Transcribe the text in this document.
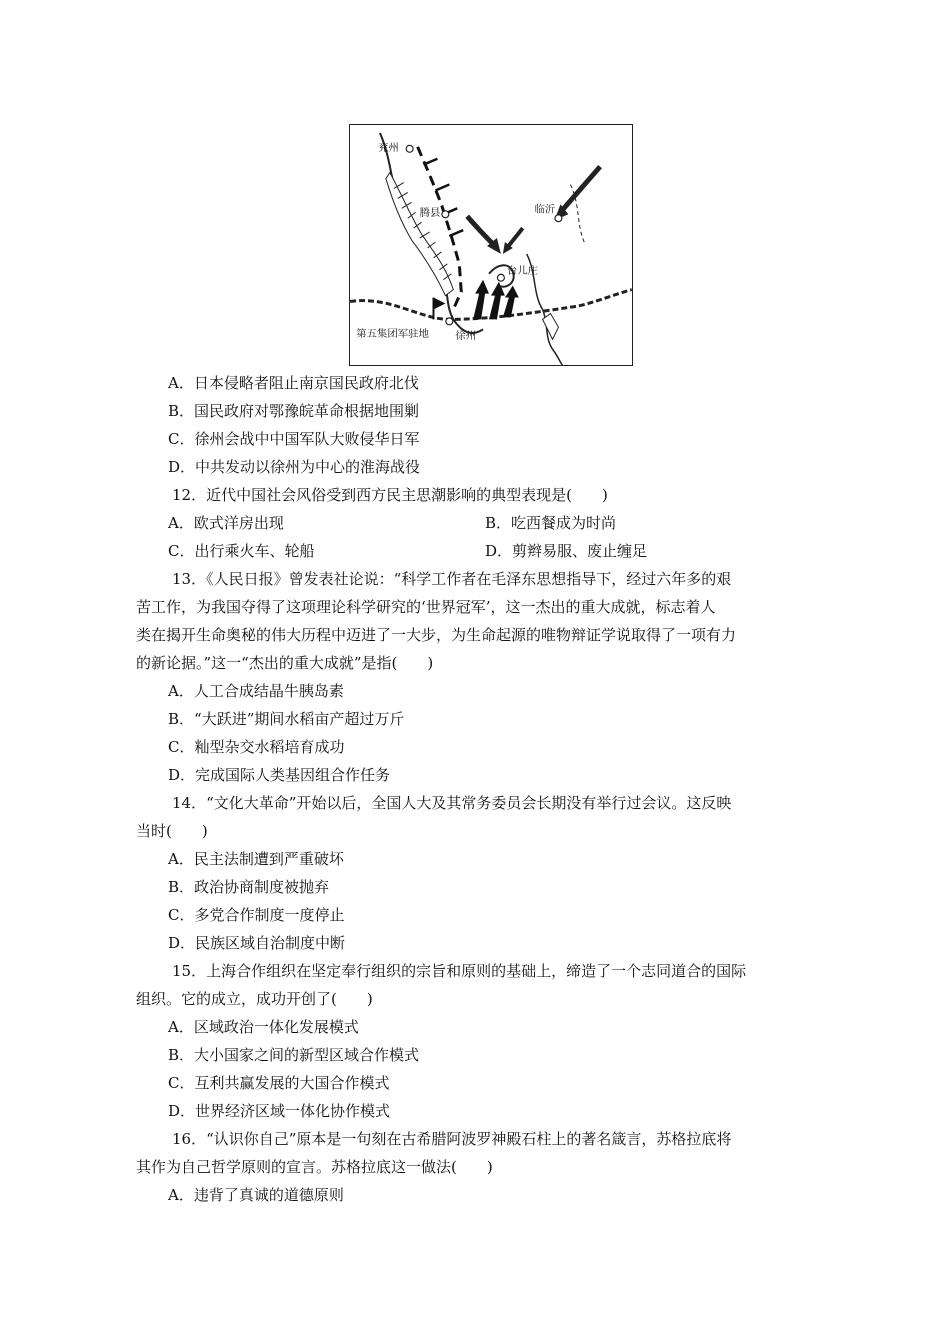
兖州
腾县	临沂
台儿庄
第五集团军驻地	徐州
A．日本侵略者阻止南京国民政府北伐
B．国民政府对鄂豫皖革命根据地围剿
C．徐州会战中中国军队大败侵华日军
D．中共发动以徐州为中心的淮海战役
12．近代中国社会风俗受到西方民主思潮影响的典型表现是(　　)
A．欧式洋房出现	B．吃西餐成为时尚
C．出行乘火车、轮船	D．剪辫易服、废止缠足
13．《人民日报》曾发表社论说：“科学工作者在毛泽东思想指导下，经过六年多的艰
苦工作，为我国夺得了这项理论科学研究的‘世界冠军’，这一杰出的重大成就，标志着人
类在揭开生命奥秘的伟大历程中迈进了一大步，为生命起源的唯物辩证学说取得了一项有力
的新论据。”这一“杰出的重大成就”是指(　　)
A．人工合成结晶牛胰岛素
B．“大跃进”期间水稻亩产超过万斤
C．籼型杂交水稻培育成功
D．完成国际人类基因组合作任务
14．“文化大革命”开始以后，全国人大及其常务委员会长期没有举行过会议。这反映
当时(　　)
A．民主法制遭到严重破坏
B．政治协商制度被抛弃
C．多党合作制度一度停止
D．民族区域自治制度中断
15．上海合作组织在坚定奉行组织的宗旨和原则的基础上，缔造了一个志同道合的国际
组织。它的成立，成功开创了(　　)
A．区域政治一体化发展模式
B．大小国家之间的新型区域合作模式
C．互利共赢发展的大国合作模式
D．世界经济区域一体化协作模式
16．“认识你自己”原本是一句刻在古希腊阿波罗神殿石柱上的著名箴言，苏格拉底将
其作为自己哲学原则的宣言。苏格拉底这一做法(　　)
A．违背了真诚的道德原则
